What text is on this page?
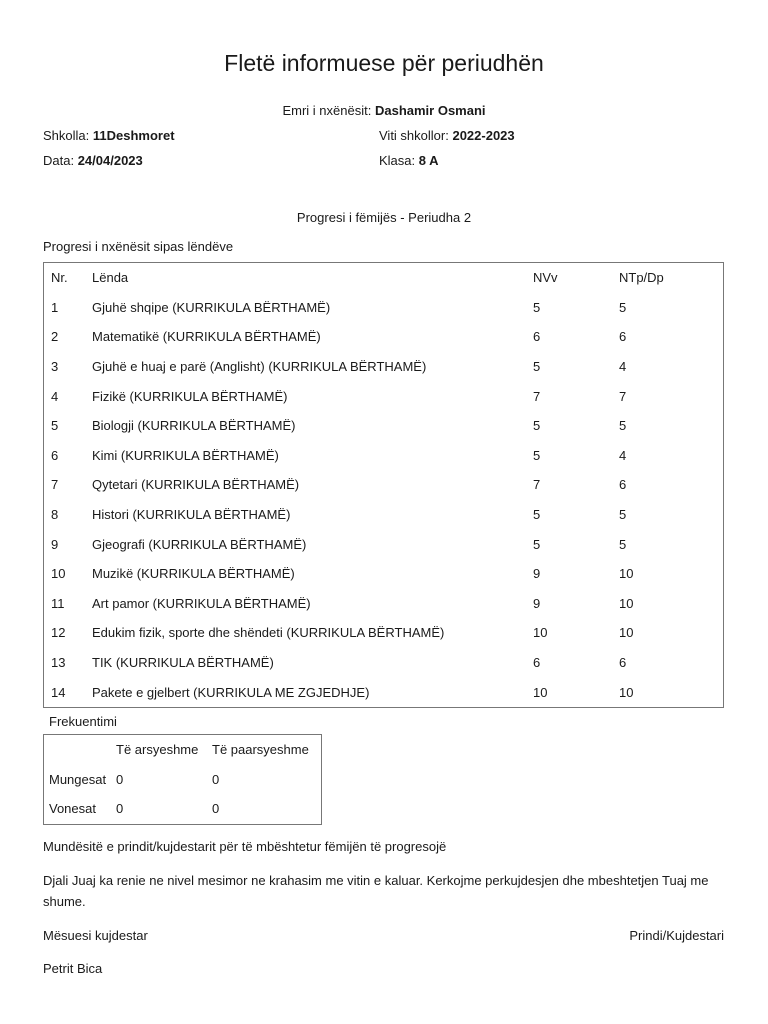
Fletë informuese për periudhën
Emri i nxënësit: Dashamir Osmani
Shkolla: 11Deshmoret	Viti shkollor: 2022-2023
Data: 24/04/2023	Klasa: 8 A
Progresi i fëmijës - Periudha 2
Progresi i nxënësit sipas lëndëve
Nr.	Lënda	NVv	NTp/Dp
1	Gjuhë shqipe (KURRIKULA BËRTHAMË)	5	5
2	Matematikë (KURRIKULA BËRTHAMË)	6	6
3	Gjuhë e huaj e parë (Anglisht) (KURRIKULA BËRTHAMË)	5	4
4	Fizikë (KURRIKULA BËRTHAMË)	7	7
5	Biologji (KURRIKULA BËRTHAMË)	5	5
6	Kimi (KURRIKULA BËRTHAMË)	5	4
7	Qytetari (KURRIKULA BËRTHAMË)	7	6
8	Histori (KURRIKULA BËRTHAMË)	5	5
9	Gjeografi (KURRIKULA BËRTHAMË)	5	5
10	Muzikë (KURRIKULA BËRTHAMË)	9	10
11	Art pamor (KURRIKULA BËRTHAMË)	9	10
12	Edukim fizik, sporte dhe shëndeti (KURRIKULA BËRTHAMË)	10	10
13	TIK (KURRIKULA BËRTHAMË)	6	6
14	Pakete e gjelbert (KURRIKULA ME ZGJEDHJE)	10	10
Frekuentimi
	Të arsyeshme	Të paarsyeshme
Mungesat	0	0
Vonesat	0	0
Mundësitë e prindit/kujdestarit për të mbështetur fëmijën të progresojë
Djali Juaj ka renie ne nivel mesimor ne krahasim me vitin e kaluar. Kerkojme perkujdesjen dhe mbeshtetjen Tuaj me shume.
Mësuesi kujdestar	Prindi/Kujdestari
Petrit Bica
